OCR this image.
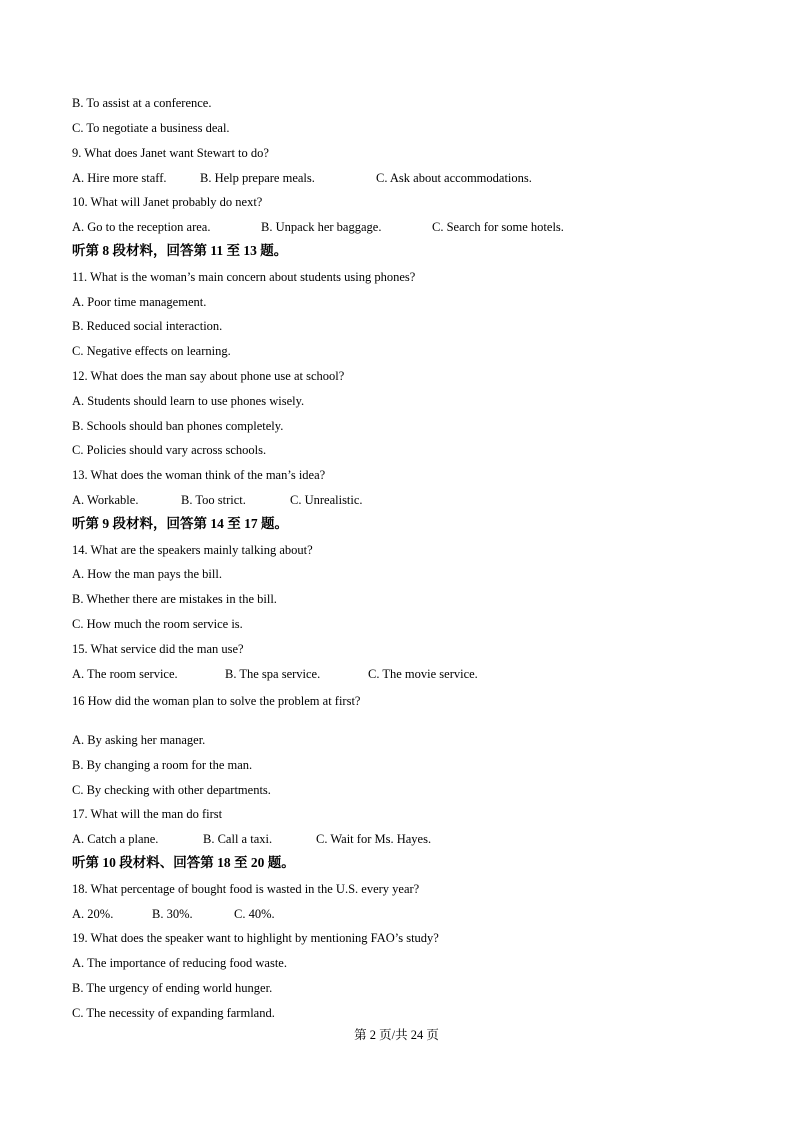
B. To assist at a conference.
C. To negotiate a business deal.
9. What does Janet want Stewart to do?
A. Hire more staff.	B. Help prepare meals.	C. Ask about accommodations.
10. What will Janet probably do next?
A. Go to the reception area.	B. Unpack her baggage.	C. Search for some hotels.
听第 8 段材料，回答第 11 至 13 题。
11. What is the woman’s main concern about students using phones?
A. Poor time management.
B. Reduced social interaction.
C. Negative effects on learning.
12. What does the man say about phone use at school?
A. Students should learn to use phones wisely.
B. Schools should ban phones completely.
C. Policies should vary across schools.
13. What does the woman think of the man’s idea?
A. Workable.	B. Too strict.	C. Unrealistic.
听第 9 段材料，回答第 14 至 17 题。
14. What are the speakers mainly talking about?
A. How the man pays the bill.
B. Whether there are mistakes in the bill.
C. How much the room service is.
15. What service did the man use?
A. The room service.	B. The spa service.	C. The movie service.
16 How did the woman plan to solve the problem at first?
A. By asking her manager.
B. By changing a room for the man.
C. By checking with other departments.
17. What will the man do first
A. Catch a plane.	B. Call a taxi.	C. Wait for Ms. Hayes.
听第 10 段材料、回答第 18 至 20 题。
18. What percentage of bought food is wasted in the U.S. every year?
A. 20%.	B. 30%.	C. 40%.
19. What does the speaker want to highlight by mentioning FAO’s study?
A. The importance of reducing food waste.
B. The urgency of ending world hunger.
C. The necessity of expanding farmland.
第 2 页/共 24 页
